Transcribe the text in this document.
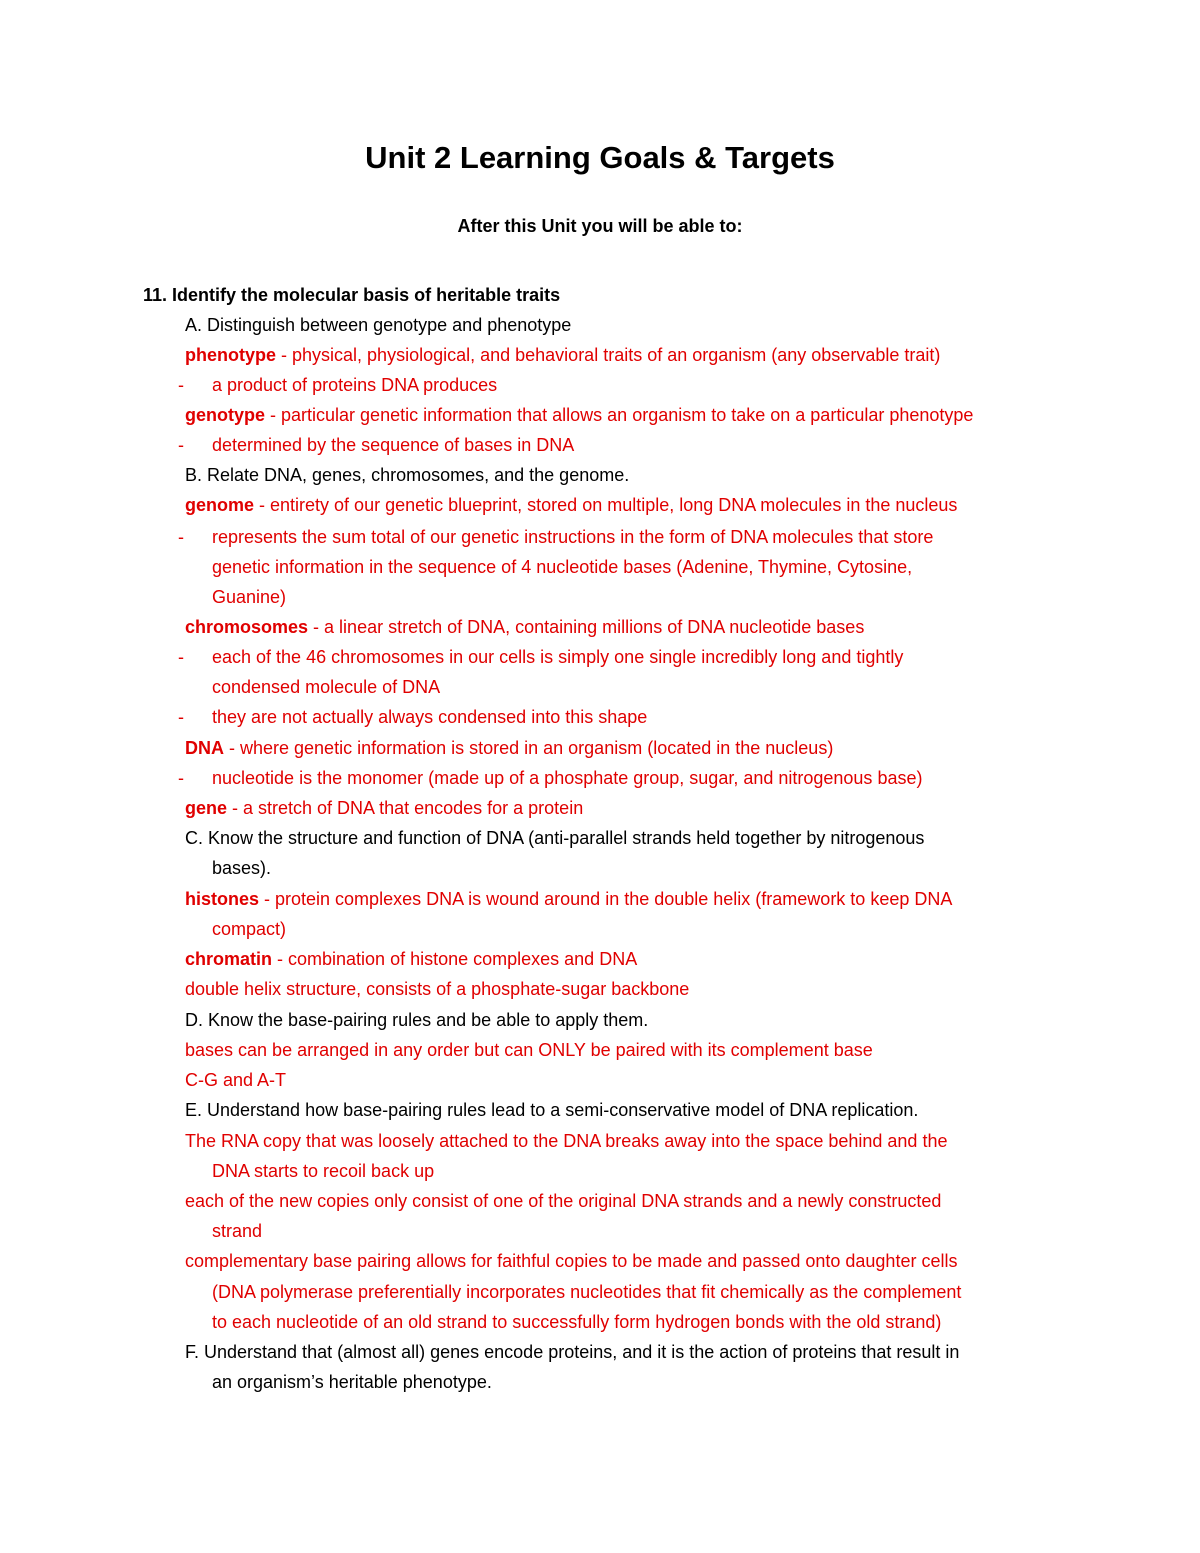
Unit 2 Learning Goals & Targets
After this Unit you will be able to:

11. Identify the molecular basis of heritable traits

A. Distinguish between genotype and phenotype

phenotype - physical, physiological, and behavioral traits of an organism (any observable trait)

- a product of proteins DNA produces

genotype - particular genetic information that allows an organism to take on a particular phenotype

- determined by the sequence of bases in DNA

B. Relate DNA, genes, chromosomes, and the genome.

genome - entirety of our genetic blueprint, stored on multiple, long DNA molecules in the nucleus

- represents the sum total of our genetic instructions in the form of DNA molecules that store

genetic information in the sequence of 4 nucleotide bases (Adenine, Thymine, Cytosine,

Guanine)

chromosomes - a linear stretch of DNA, containing millions of DNA nucleotide bases

- each of the 46 chromosomes in our cells is simply one single incredibly long and tightly

condensed molecule of DNA

- they are not actually always condensed into this shape

DNA - where genetic information is stored in an organism (located in the nucleus)

- nucleotide is the monomer (made up of a phosphate group, sugar, and nitrogenous base)

gene - a stretch of DNA that encodes for a protein

C. Know the structure and function of DNA (anti-parallel strands held together by nitrogenous

bases).

histones - protein complexes DNA is wound around in the double helix (framework to keep DNA

compact)

chromatin - combination of histone complexes and DNA

double helix structure, consists of a phosphate-sugar backbone

D. Know the base-pairing rules and be able to apply them.

bases can be arranged in any order but can ONLY be paired with its complement base

C-G and A-T

E. Understand how base-pairing rules lead to a semi-conservative model of DNA replication.

The RNA copy that was loosely attached to the DNA breaks away into the space behind and the

DNA starts to recoil back up

each of the new copies only consist of one of the original DNA strands and a newly constructed

strand

complementary base pairing allows for faithful copies to be made and passed onto daughter cells

(DNA polymerase preferentially incorporates nucleotides that fit chemically as the complement

to each nucleotide of an old strand to successfully form hydrogen bonds with the old strand)

F. Understand that (almost all) genes encode proteins, and it is the action of proteins that result in

an organism’s heritable phenotype.
